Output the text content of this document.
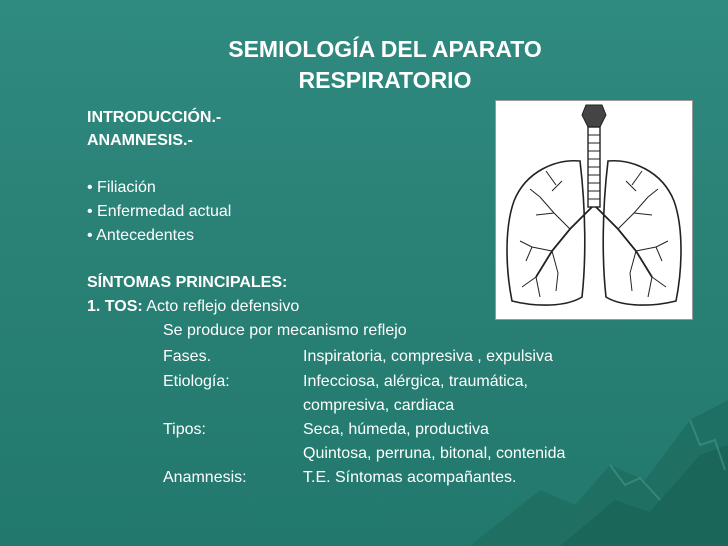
SEMIOLOGÍA DEL APARATO
RESPIRATORIO
INTRODUCCIÓN.-
ANAMNESIS.-
• Filiación
• Enfermedad actual
• Antecedentes
SÍNTOMAS PRINCIPALES:
1. TOS: Acto reflejo defensivo
Se produce por mecanismo reflejo
Fases.	Inspiratoria, compresiva , expulsiva
Etiología:	Infecciosa, alérgica, traumática,
compresiva, cardiaca
Tipos:	Seca, húmeda, productiva
Quintosa, perruna, bitonal, contenida
Anamnesis:	T.E. Síntomas acompañantes.
